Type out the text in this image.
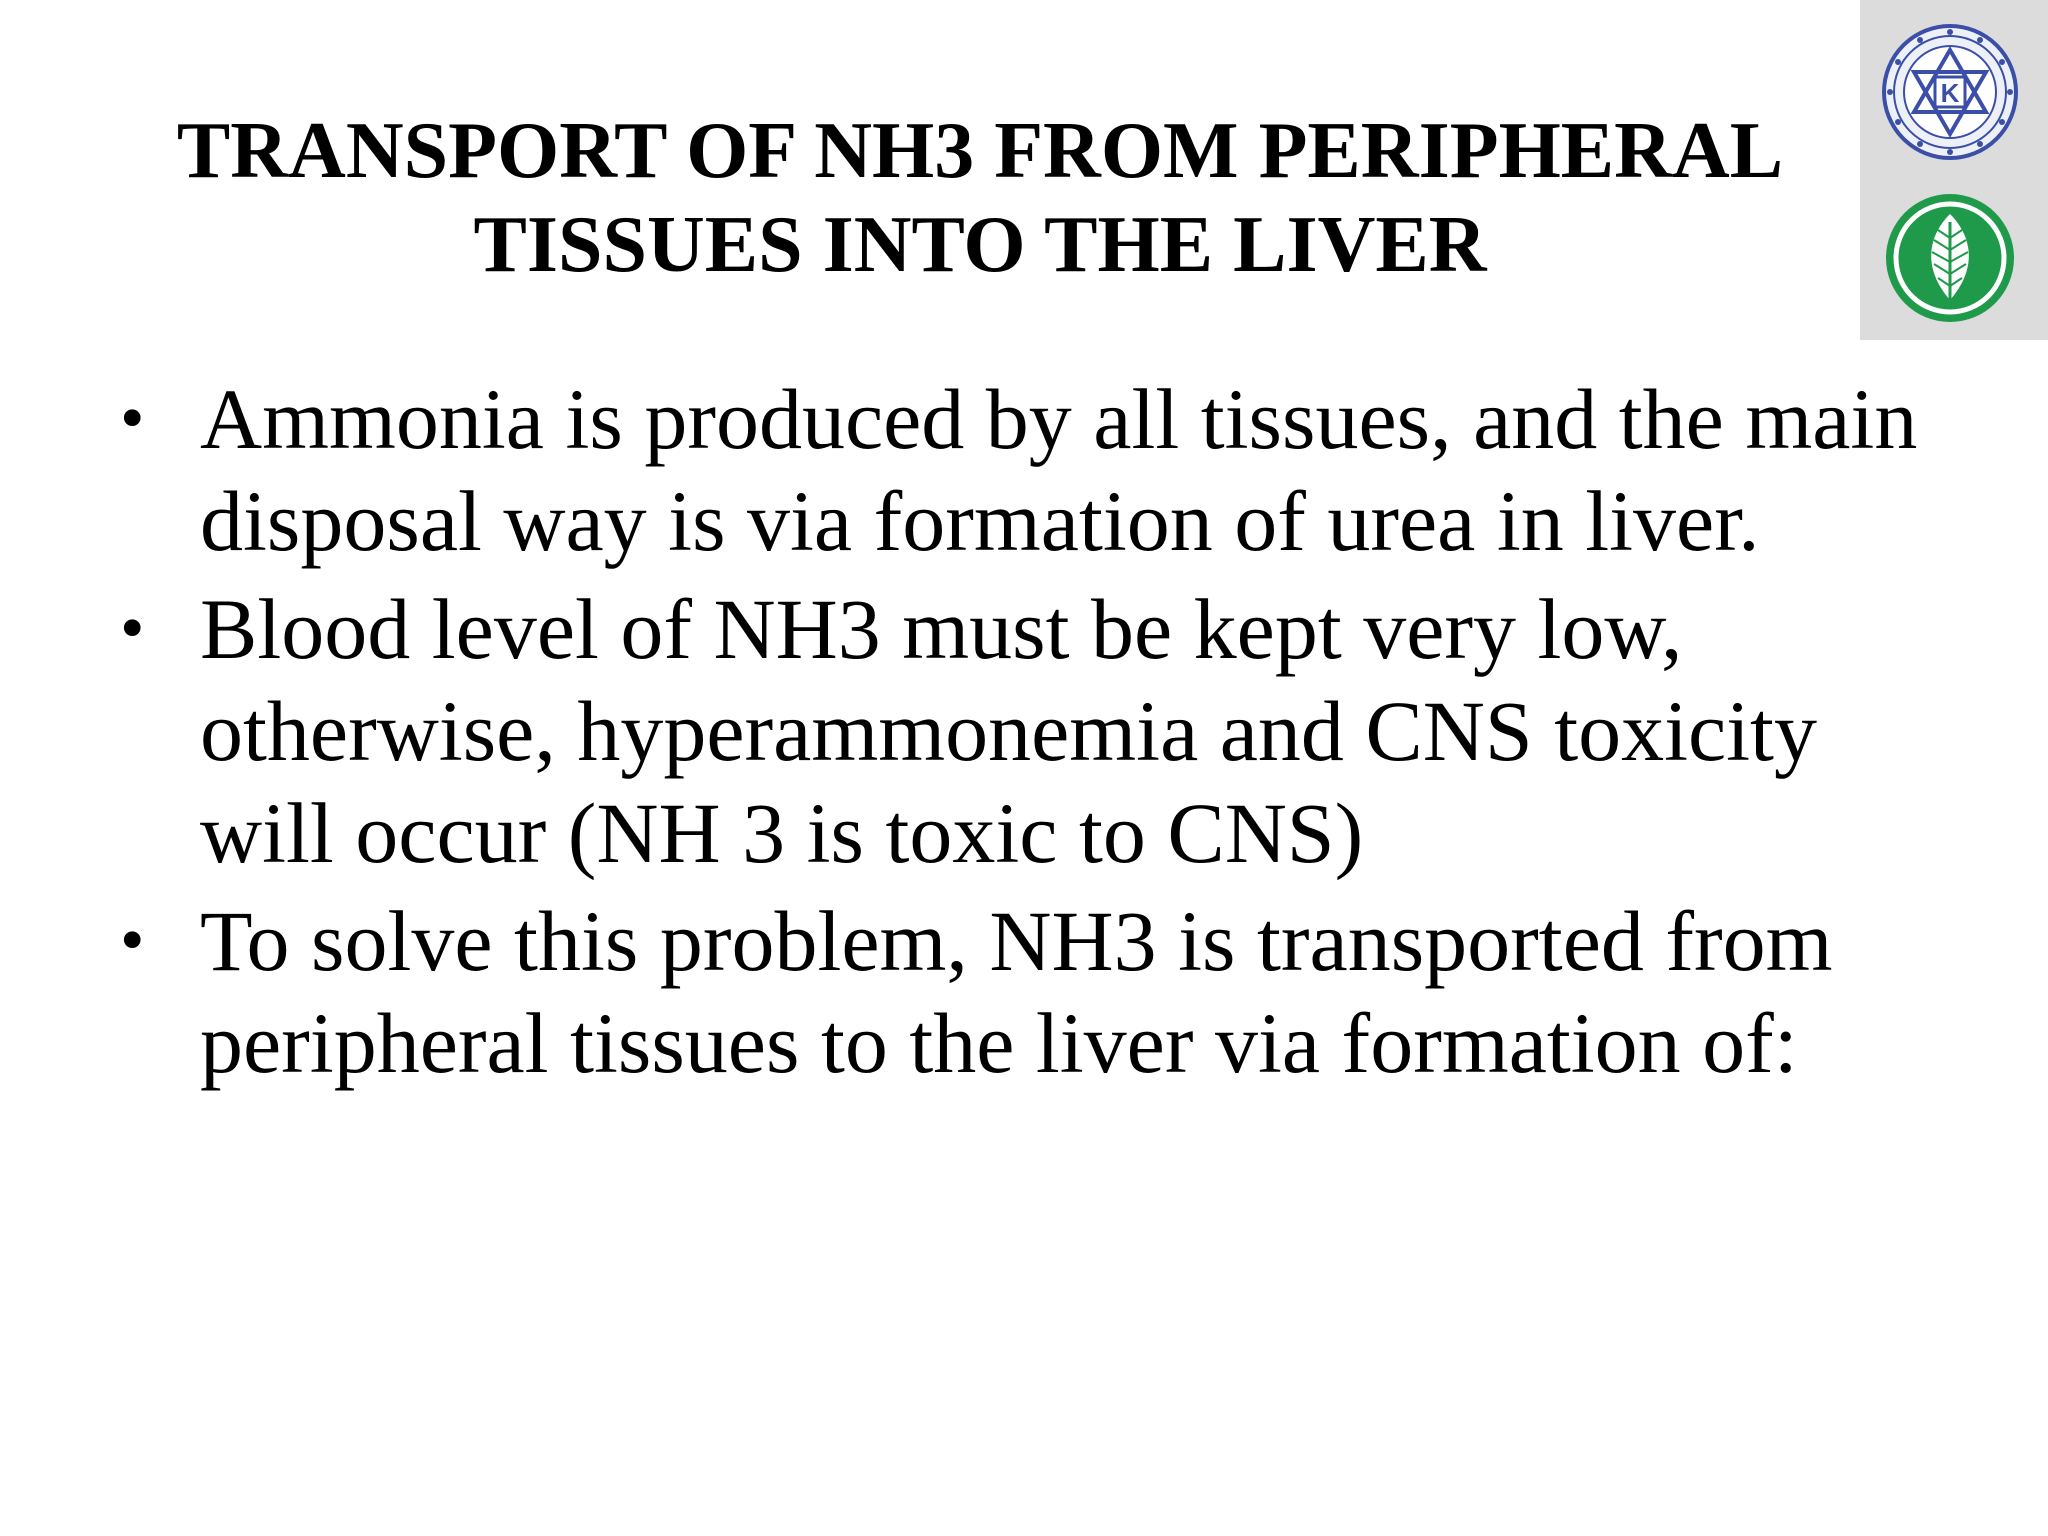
K
TRANSPORT OF NH3 FROM PERIPHERAL
TISSUES INTO THE LIVER
• Ammonia is produced by all tissues, and the main disposal way is via formation of urea in liver.
• Blood level of NH3 must be kept very low, otherwise, hyperammonemia and CNS toxicity will occur (NH 3 is toxic to CNS)
• To solve this problem, NH3 is transported from peripheral tissues to the liver via formation of:
